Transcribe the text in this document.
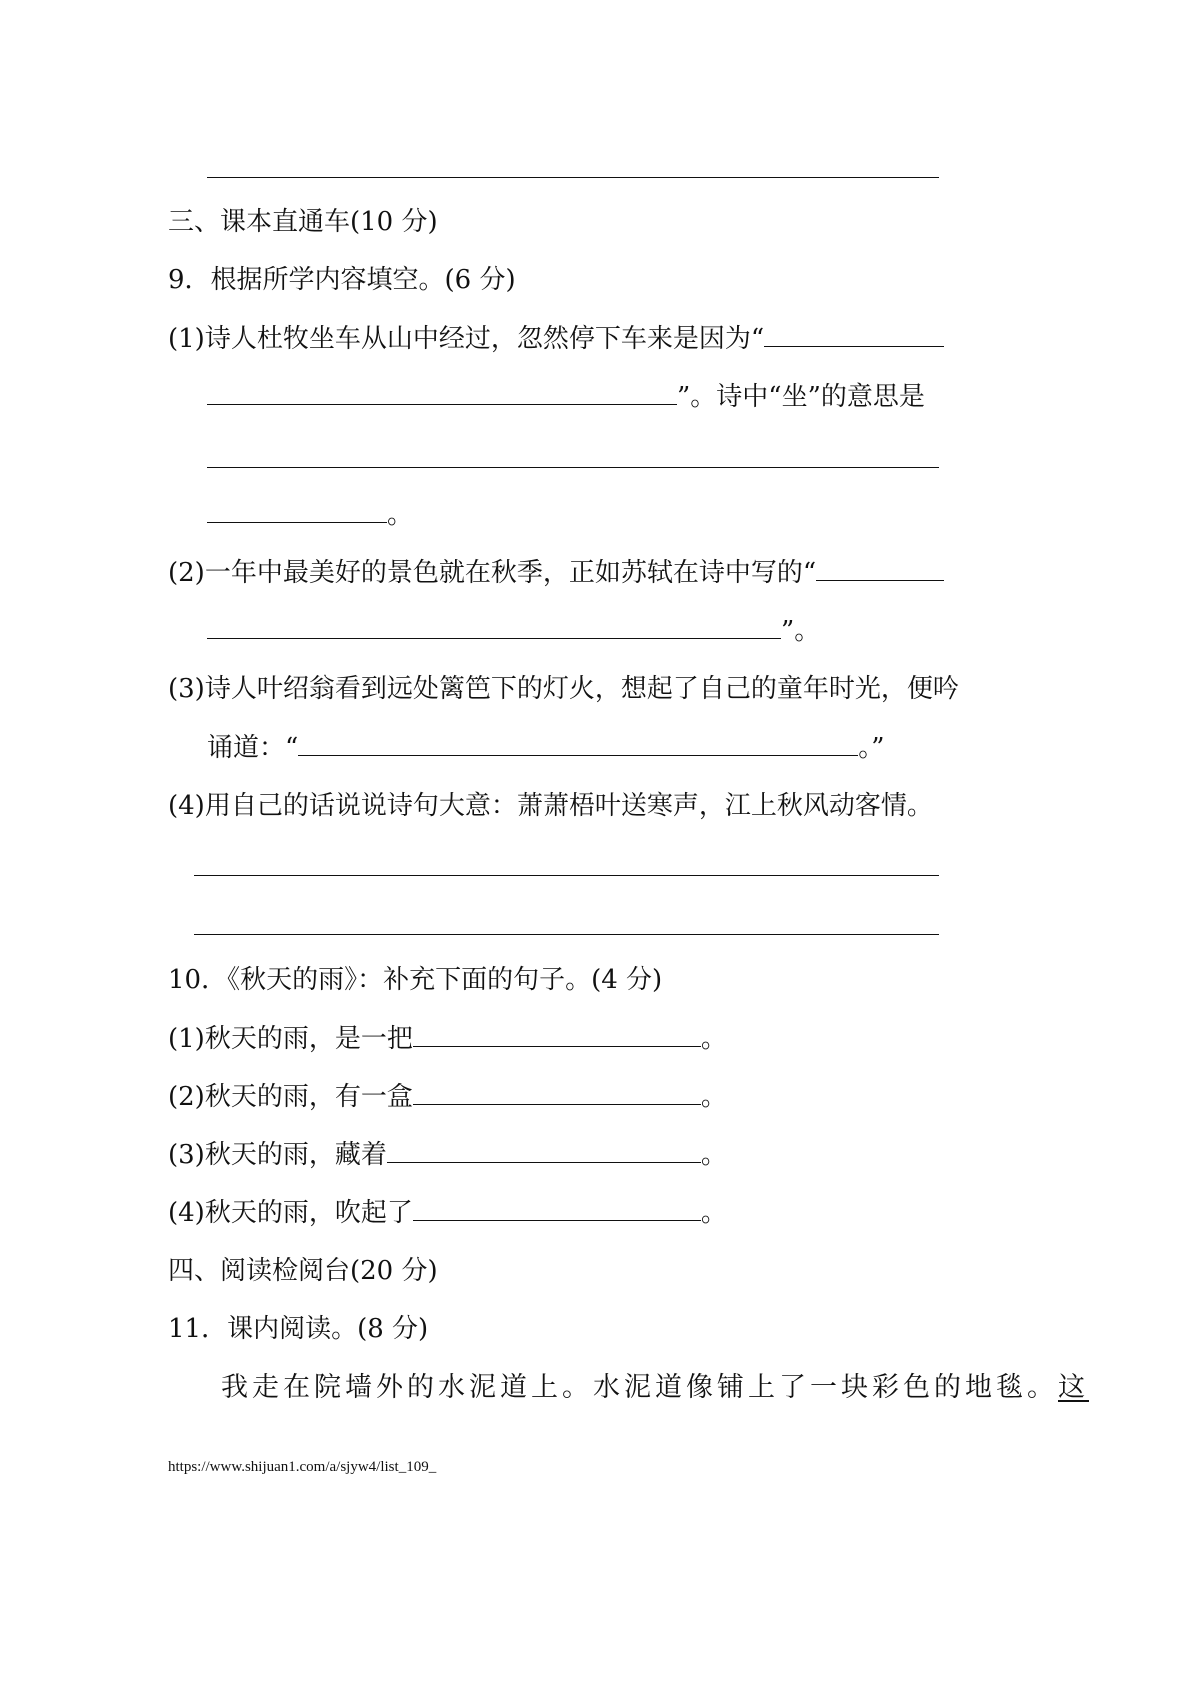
三、课本直通车(10 分)
9．根据所学内容填空。(6 分)
(1)诗人杜牧坐车从山中经过，忽然停下车来是因为“
”。诗中“坐”的意思是
。
(2)一年中最美好的景色就在秋季，正如苏轼在诗中写的“
”。
(3)诗人叶绍翁看到远处篱笆下的灯火，想起了自己的童年时光，便吟
诵道：“	。”
(4)用自己的话说说诗句大意：萧萧梧叶送寒声，江上秋风动客情。
10．《秋天的雨》：补充下面的句子。(4 分)
(1)秋天的雨，是一把	。
(2)秋天的雨，有一盒	。
(3)秋天的雨，藏着	。
(4)秋天的雨，吹起了	。
四、阅读检阅台(20 分)
11．课内阅读。(8 分)
我走在院墙外的水泥道上。水泥道像铺上了一块彩色的地毯。这
https://www.shijuan1.com/a/sjyw4/list_109_
